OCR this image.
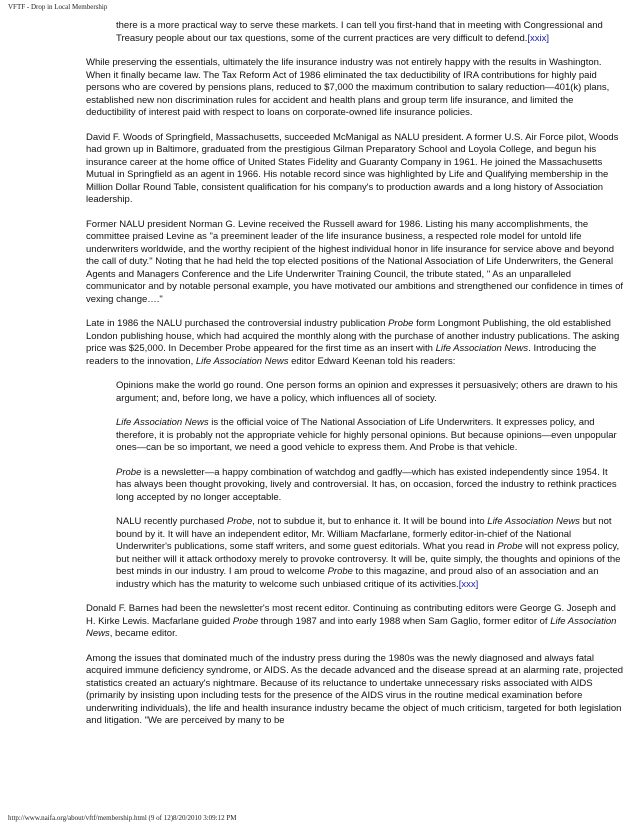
VFTF - Drop in Local Membership

there is a more practical way to serve these markets. I can tell you first-hand that in meeting with Congressional and Treasury people about our tax questions, some of the current practices are very difficult to defend.[xxix]

While preserving the essentials, ultimately the life insurance industry was not entirely happy with the results in Washington. When it finally became law. The Tax Reform Act of 1986 eliminated the tax deductibility of IRA contributions for highly paid persons who are covered by pensions plans, reduced to $7,000 the maximum contribution to salary reduction—401(k) plans, established new non discrimination rules for accident and health plans and group term life insurance, and limited the deductibility of interest paid with respect to loans on corporate-owned life insurance policies.

David F. Woods of Springfield, Massachusetts, succeeded McManigal as NALU president. A former U.S. Air Force pilot, Woods had grown up in Baltimore, graduated from the prestigious Gilman Preparatory School and Loyola College, and begun his insurance career at the home office of United States Fidelity and Guaranty Company in 1961. He joined the Massachusetts Mutual in Springfield as an agent in 1966. His notable record since was highlighted by Life and Qualifying membership in the Million Dollar Round Table, consistent qualification for his company's to production awards and a long history of Association leadership.

Former NALU president Norman G. Levine received the Russell award for 1986. Listing his many accomplishments, the committee praised Levine as "a preeminent leader of the life insurance business, a respected role model for untold life underwriters worldwide, and the worthy recipient of the highest individual honor in life insurance for service above and beyond the call of duty." Noting that he had held the top elected positions of the National Association of Life Underwriters, the General Agents and Managers Conference and the Life Underwriter Training Council, the tribute stated, " As an unparalleled communicator and by notable personal example, you have motivated our ambitions and strengthened our confidence in times of vexing change…."

Late in 1986 the NALU purchased the controversial industry publication Probe form Longmont Publishing, the old established London publishing house, which had acquired the monthly along with the purchase of another industry publications. The asking price was $25,000. In December Probe appeared for the first time as an insert with Life Association News. Introducing the readers to the innovation, Life Association News editor Edward Keenan told his readers:

Opinions make the world go round. One person forms an opinion and expresses it persuasively; others are drawn to his argument; and, before long, we have a policy, which influences all of society.

Life Association News is the official voice of The National Association of Life Underwriters. It expresses policy, and therefore, it is probably not the appropriate vehicle for highly personal opinions. But because opinions—even unpopular ones—can be so important, we need a good vehicle to express them. And Probe is that vehicle.

Probe is a newsletter—a happy combination of watchdog and gadfly—which has existed independently since 1954. It has always been thought provoking, lively and controversial. It has, on occasion, forced the industry to rethink practices long accepted by no longer acceptable.

NALU recently purchased Probe, not to subdue it, but to enhance it. It will be bound into Life Association News but not bound by it. It will have an independent editor, Mr. William Macfarlane, formerly editor-in-chief of the National Underwriter's publications, some staff writers, and some guest editorials. What you read in Probe will not express policy, but neither will it attack orthodoxy merely to provoke controversy. It will be, quite simply, the thoughts and opinions of the best minds in our industry. I am proud to welcome Probe to this magazine, and proud also of an association and an industry which has the maturity to welcome such unbiased critique of its activities.[xxx]

Donald F. Barnes had been the newsletter's most recent editor. Continuing as contributing editors were George G. Joseph and H. Kirke Lewis. Macfarlane guided Probe through 1987 and into early 1988 when Sam Gaglio, former editor of Life Association News, became editor.

Among the issues that dominated much of the industry press during the 1980s was the newly diagnosed and always fatal acquired immune deficiency syndrome, or AIDS. As the decade advanced and the disease spread at an alarming rate, projected statistics created an actuary's nightmare. Because of its reluctance to undertake unnecessary risks associated with AIDS (primarily by insisting upon including tests for the presence of the AIDS virus in the routine medical examination before underwriting individuals), the life and health insurance industry became the object of much criticism, targeted for both legislation and litigation. "We are perceived by many to be

http://www.naifa.org/about/vftf/membership.html (9 of 12)8/20/2010 3:09:12 PM
